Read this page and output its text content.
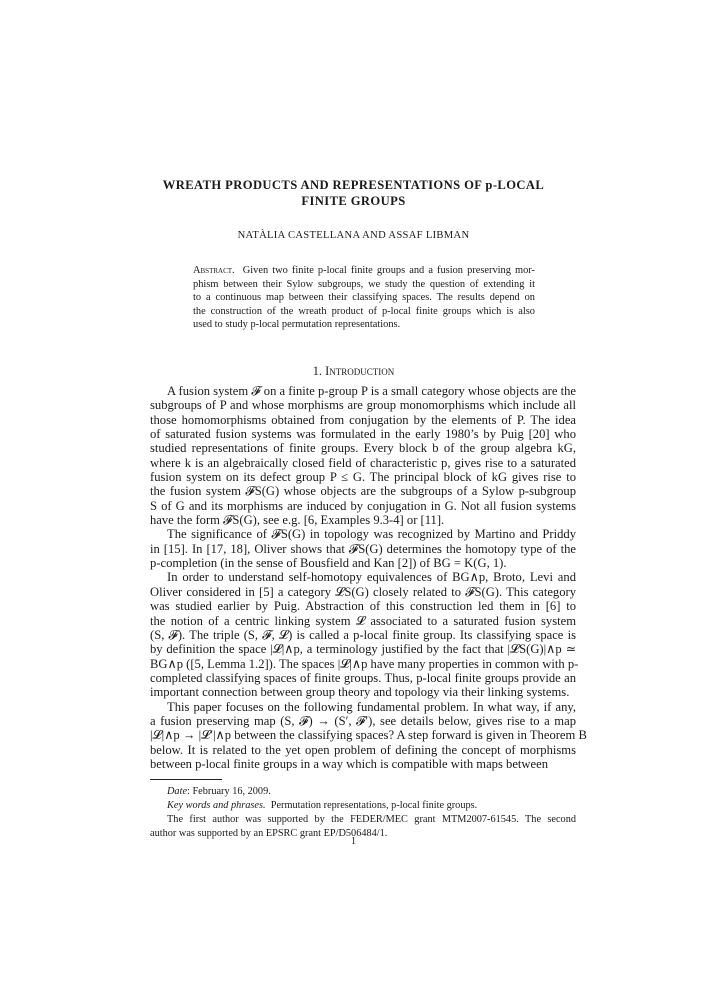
WREATH PRODUCTS AND REPRESENTATIONS OF p-LOCAL
FINITE GROUPS
NATÀLIA CASTELLANA AND ASSAF LIBMAN
Abstract. Given two finite p-local finite groups and a fusion preserving mor-
phism between their Sylow subgroups, we study the question of extending it
to a continuous map between their classifying spaces. The results depend on
the construction of the wreath product of p-local finite groups which is also
used to study p-local permutation representations.
1. Introduction
A fusion system 𝓕 on a finite p-group P is a small category whose objects are the
subgroups of P and whose morphisms are group monomorphisms which include all
those homomorphisms obtained from conjugation by the elements of P. The idea
of saturated fusion systems was formulated in the early 1980’s by Puig [20] who
studied representations of finite groups. Every block b of the group algebra kG,
where k is an algebraically closed field of characteristic p, gives rise to a saturated
fusion system on its defect group P ≤ G. The principal block of kG gives rise to
the fusion system 𝓕S(G) whose objects are the subgroups of a Sylow p-subgroup
S of G and its morphisms are induced by conjugation in G. Not all fusion systems
have the form 𝓕S(G), see e.g. [6, Examples 9.3-4] or [11].
The significance of 𝓕S(G) in topology was recognized by Martino and Priddy
in [15]. In [17, 18], Oliver shows that 𝓕S(G) determines the homotopy type of the
p-completion (in the sense of Bousfield and Kan [2]) of BG = K(G, 1).
In order to understand self-homotopy equivalences of BG∧p, Broto, Levi and
Oliver considered in [5] a category 𝓛S(G) closely related to 𝓕S(G). This category
was studied earlier by Puig. Abstraction of this construction led them in [6] to
the notion of a centric linking system 𝓛 associated to a saturated fusion system
(S, 𝓕). The triple (S, 𝓕, 𝓛) is called a p-local finite group. Its classifying space is
by definition the space |𝓛|∧p, a terminology justified by the fact that |𝓛S(G)|∧p ≃
BG∧p ([5, Lemma 1.2]). The spaces |𝓛|∧p have many properties in common with p-
completed classifying spaces of finite groups. Thus, p-local finite groups provide an
important connection between group theory and topology via their linking systems.
This paper focuses on the following fundamental problem. In what way, if any,
a fusion preserving map (S, 𝓕) → (S′, 𝓕′), see details below, gives rise to a map
|𝓛|∧p → |𝓛′|∧p between the classifying spaces? A step forward is given in Theorem B
below. It is related to the yet open problem of defining the concept of morphisms
between p-local finite groups in a way which is compatible with maps between
Date: February 16, 2009.
Key words and phrases. Permutation representations, p-local finite groups.
The first author was supported by the FEDER/MEC grant MTM2007-61545. The second
author was supported by an EPSRC grant EP/D506484/1.
1
